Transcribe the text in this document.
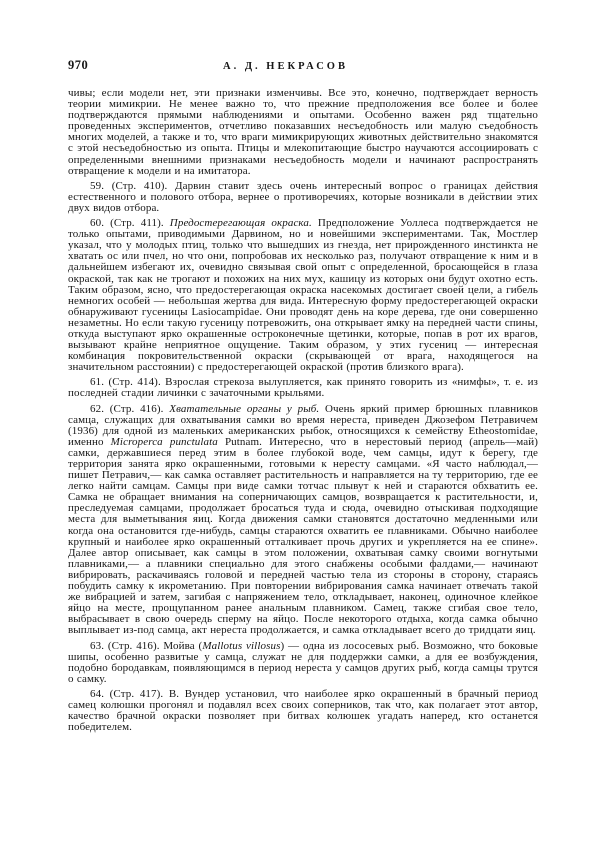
970	А. Д. НЕКРАСОВ

чивы; если модели нет, эти признаки изменчивы. Все это, конечно, подтверждает верность теории мимикрии. Не менее важно то, что прежние предположения все более и более подтверждаются прямыми наблюдениями и опытами. Особенно важен ряд тщательно проведенных экспериментов, отчетливо показавших несъедобность или малую съедобность многих моделей, а также и то, что враги мимикрирующих животных действительно знакомятся с этой несъедобностью из опыта. Птицы и млекопитающие быстро научаются ассоциировать с определенными внешними признаками несъедобность модели и начинают распространять отвращение к модели и на имитатора.

59. (Стр. 410). Дарвин ставит здесь очень интересный вопрос о границах действия естественного и полового отбора, вернее о противоречиях, которые возникали в действии этих двух видов отбора.

60. (Стр. 411). Предостерегающая окраска. Предположение Уоллеса подтверждается не только опытами, приводимыми Дарвином, но и новейшими экспериментами. Так, Мостлер указал, что у молодых птиц, только что вышедших из гнезда, нет прирожденного инстинкта не хватать ос или пчел, но что они, попробовав их несколько раз, получают отвращение к ним и в дальнейшем избегают их, очевидно связывая свой опыт с определенной, бросающейся в глаза окраской, так как не трогают и похожих на них мух, кашицу из которых они будут охотно есть. Таким образом, ясно, что предостерегающая окраска насекомых достигает своей цели, а гибель немногих особей — небольшая жертва для вида. Интересную форму предостерегающей окраски обнаруживают гусеницы Lasiocampidae. Они проводят день на коре дерева, где они совершенно незаметны. Но если такую гусеницу потревожить, она открывает ямку на передней части спины, откуда выступают ярко окрашенные остроконечные щетинки, которые, попав в рот их врагов, вызывают крайне неприятное ощущение. Таким образом, у этих гусениц — интересная комбинация покровительственной окраски (скрывающей от врага, находящегося на значительном расстоянии) с предостерегающей окраской (против близкого врага).

61. (Стр. 414). Взрослая стрекоза вылупляется, как принято говорить из «нимфы», т. е. из последней стадии личинки с зачаточными крыльями.

62. (Стр. 416). Хватательные органы у рыб. Очень яркий пример брюшных плавников самца, служащих для охватывания самки во время нереста, приведен Джозефом Петравичем (1936) для одной из маленьких американских рыбок, относящихся к семейству Etheostomidae, именно Microperca punctulata Putnam. Интересно, что в нерестовый период (апрель—май) самки, державшиеся перед этим в более глубокой воде, чем самцы, идут к берегу, где территория занята ярко окрашенными, готовыми к нересту самцами. «Я часто наблюдал,— пишет Петравич,— как самка оставляет растительность и направляется на ту территорию, где ее легко найти самцам. Самцы при виде самки тотчас плывут к ней и стараются обхватить ее. Самка не обращает внимания на соперничающих самцов, возвращается к растительности, и, преследуемая самцами, продолжает бросаться туда и сюда, очевидно отыскивая подходящие места для выметывания яиц. Когда движения самки становятся достаточно медленными или когда она остановится где-нибудь, самцы стараются охватить ее плавниками. Обычно наиболее крупный и наиболее ярко окрашенный отталкивает прочь других и укрепляется на ее спине». Далее автор описывает, как самцы в этом положении, охватывая самку своими вогнутыми плавниками,— а плавники специально для этого снабжены особыми фалдами,— начинают вибрировать, раскачиваясь головой и передней частью тела из стороны в сторону, стараясь побудить самку к икрометанию. При повторении вибрирования самка начинает отвечать такой же вибрацией и затем, загибая с напряжением тело, откладывает, наконец, одиночное клейкое яйцо на месте, прощупанном ранее анальным плавником. Самец, также сгибая свое тело, выбрасывает в свою очередь сперму на яйцо. После некоторого отдыха, когда самка обычно выплывает из-под самца, акт нереста продолжается, и самка откладывает всего до тридцати яиц.

63. (Стр. 416). Мойва (Mallotus villosus) — одна из лососевых рыб. Возможно, что боковые шипы, особенно развитые у самца, служат не для поддержки самки, а для ее возбуждения, подобно бородавкам, появляющимся в период нереста у самцов других рыб, когда самцы трутся о самку.

64. (Стр. 417). В. Вундер установил, что наиболее ярко окрашенный в брачный период самец колюшки прогонял и подавлял всех своих соперников, так что, как полагает этот автор, качество брачной окраски позволяет при битвах колюшек угадать наперед, кто останется победителем.
